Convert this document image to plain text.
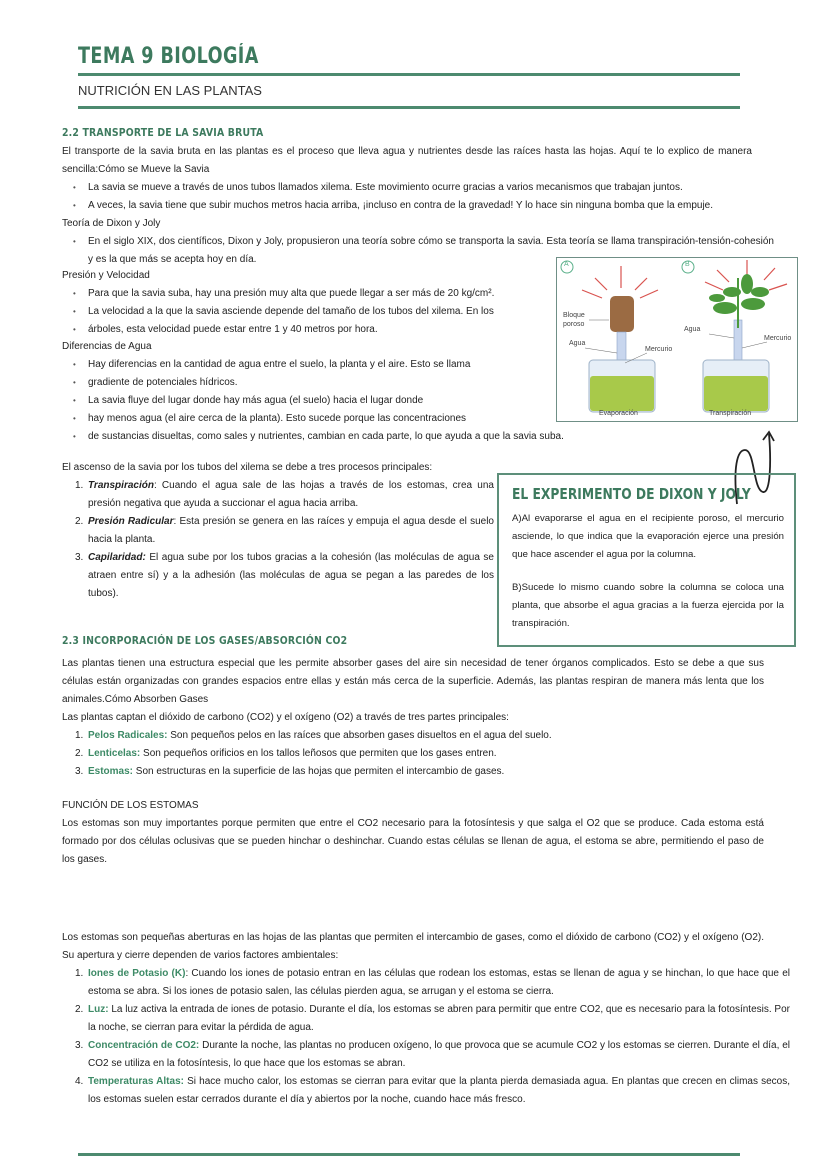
TEMA 9 BIOLOGÍA
NUTRICIÓN EN LAS PLANTAS
2.2 TRANSPORTE DE LA SAVIA BRUTA
El transporte de la savia bruta en las plantas es el proceso que lleva agua y nutrientes desde las raíces hasta las hojas. Aquí te lo explico de manera sencilla:Cómo se Mueve la Savia
• La savia se mueve a través de unos tubos llamados xilema. Este movimiento ocurre gracias a varios mecanismos que trabajan juntos.
• A veces, la savia tiene que subir muchos metros hacia arriba, ¡incluso en contra de la gravedad! Y lo hace sin ninguna bomba que la empuje.
Teoría de Dixon y Joly
• En el siglo XIX, dos científicos, Dixon y Joly, propusieron una teoría sobre cómo se transporta la savia. Esta teoría se llama transpiración-tensión-cohesión y es la que más se acepta hoy en día.
Presión y Velocidad
• Para que la savia suba, hay una presión muy alta que puede llegar a ser más de 20 kg/cm².
• La velocidad a la que la savia asciende depende del tamaño de los tubos del xilema. En los
• árboles, esta velocidad puede estar entre 1 y 40 metros por hora.
Diferencias de Agua
• Hay diferencias en la cantidad de agua entre el suelo, la planta y el aire. Esto se llama
• gradiente de potenciales hídricos.
• La savia fluye del lugar donde hay más agua (el suelo) hacia el lugar donde
• hay menos agua (el aire cerca de la planta). Esto sucede porque las concentraciones
• de sustancias disueltas, como sales y nutrientes, cambian en cada parte, lo que ayuda a que la savia suba.
A	B
Bloque
poroso
Agua
Mercurio
Agua
Mercurio
Evaporación	Transpiración
El ascenso de la savia por los tubos del xilema se debe a tres procesos principales:
1. Transpiración: Cuando el agua sale de las hojas a través de los estomas, crea una presión negativa que ayuda a succionar el agua hacia arriba.
2. Presión Radicular: Esta presión se genera en las raíces y empuja el agua desde el suelo hacia la planta.
3. Capilaridad: El agua sube por los tubos gracias a la cohesión (las moléculas de agua se atraen entre sí) y a la adhesión (las moléculas de agua se pegan a las paredes de los tubos).
EL EXPERIMENTO DE DIXON Y JOLY
A)Al evaporarse el agua en el recipiente poroso, el mercurio asciende, lo que indica que la evaporación ejerce una presión que hace ascender el agua por la columna.
B)Sucede lo mismo cuando sobre la columna se coloca una planta, que absorbe el agua gracias a la fuerza ejercida por la transpiración.
2.3 INCORPORACIÓN DE LOS GASES/ABSORCIÓN CO2
Las plantas tienen una estructura especial que les permite absorber gases del aire sin necesidad de tener órganos complicados. Esto se debe a que sus células están organizadas con grandes espacios entre ellas y están más cerca de la superficie. Además, las plantas respiran de manera más lenta que los animales.Cómo Absorben Gases
Las plantas captan el dióxido de carbono (CO2) y el oxígeno (O2) a través de tres partes principales:
1. Pelos Radicales: Son pequeños pelos en las raíces que absorben gases disueltos en el agua del suelo.
2. Lenticelas: Son pequeños orificios en los tallos leñosos que permiten que los gases entren.
3. Estomas: Son estructuras en la superficie de las hojas que permiten el intercambio de gases.
FUNCIÓN DE LOS ESTOMAS
Los estomas son muy importantes porque permiten que entre el CO2 necesario para la fotosíntesis y que salga el O2 que se produce. Cada estoma está formado por dos células oclusivas que se pueden hinchar o deshinchar. Cuando estas células se llenan de agua, el estoma se abre, permitiendo el paso de los gases.
Los estomas son pequeñas aberturas en las hojas de las plantas que permiten el intercambio de gases, como el dióxido de carbono (CO2) y el oxígeno (O2). Su apertura y cierre dependen de varios factores ambientales:
1. Iones de Potasio (K): Cuando los iones de potasio entran en las células que rodean los estomas, estas se llenan de agua y se hinchan, lo que hace que el estoma se abra. Si los iones de potasio salen, las células pierden agua, se arrugan y el estoma se cierra.
2. Luz: La luz activa la entrada de iones de potasio. Durante el día, los estomas se abren para permitir que entre CO2, que es necesario para la fotosíntesis. Por la noche, se cierran para evitar la pérdida de agua.
3. Concentración de CO2: Durante la noche, las plantas no producen oxígeno, lo que provoca que se acumule CO2 y los estomas se cierren. Durante el día, el CO2 se utiliza en la fotosíntesis, lo que hace que los estomas se abran.
4. Temperaturas Altas: Si hace mucho calor, los estomas se cierran para evitar que la planta pierda demasiada agua. En plantas que crecen en climas secos, los estomas suelen estar cerrados durante el día y abiertos por la noche, cuando hace más fresco.
